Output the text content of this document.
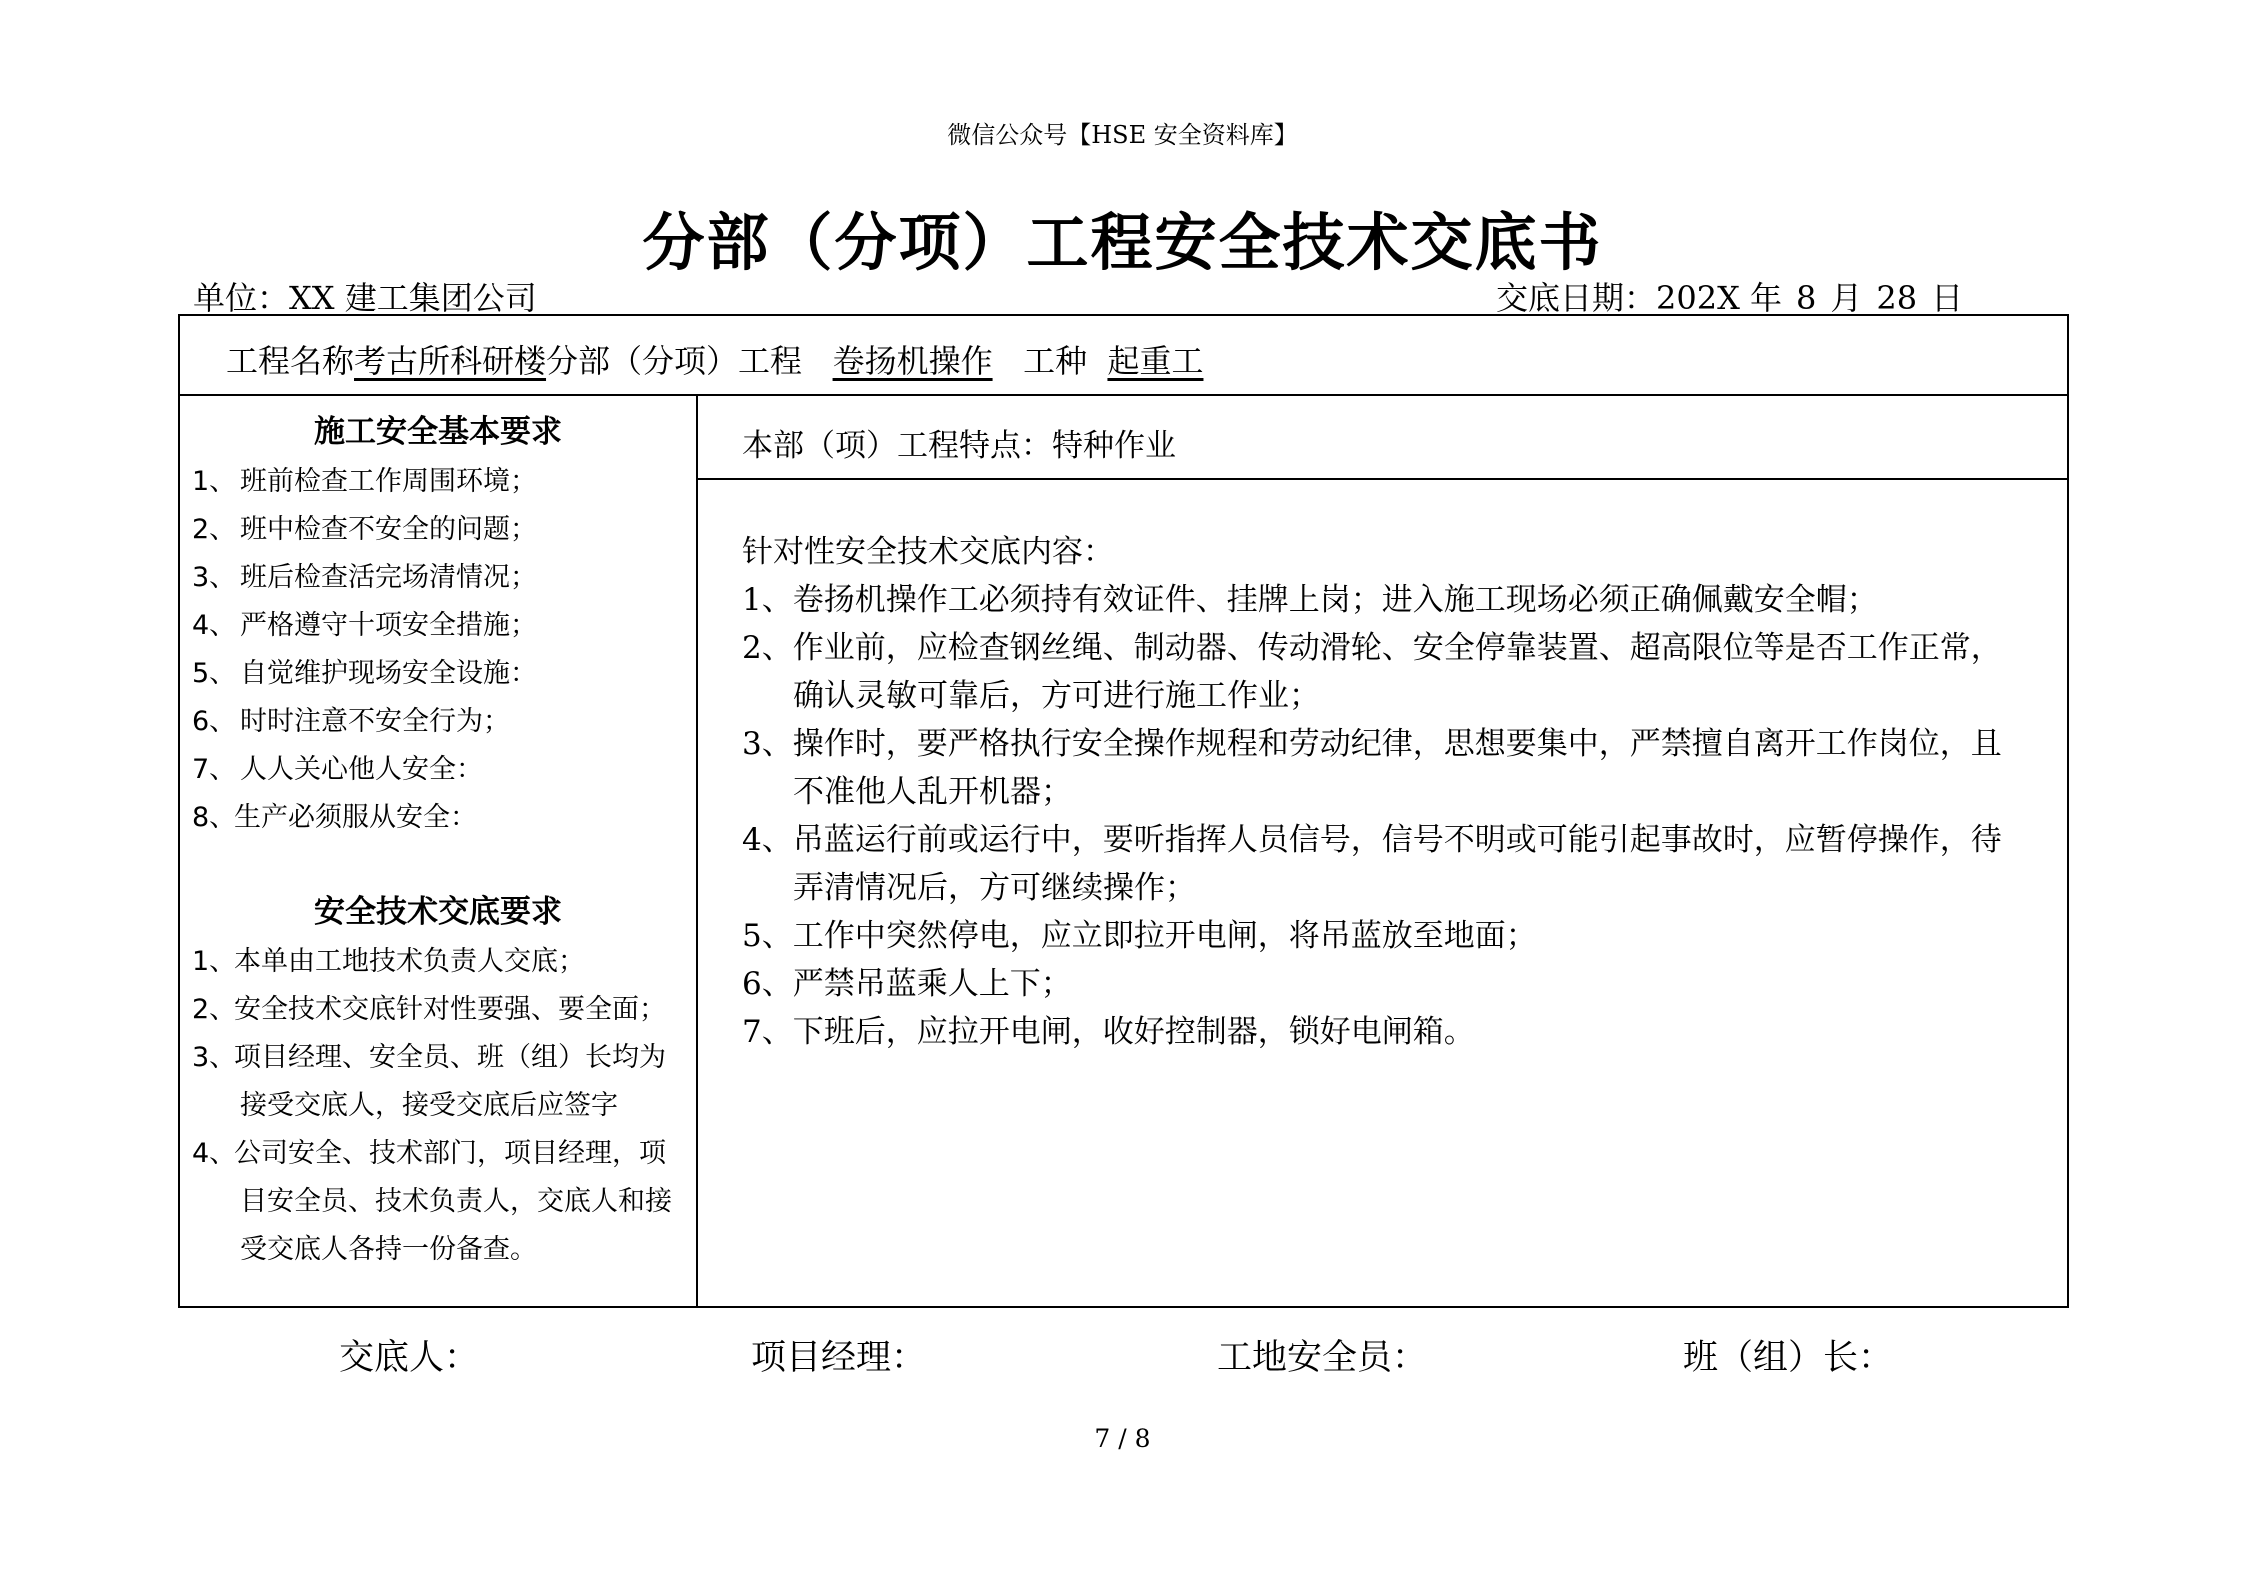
微信公众号【HSE 安全资料库】
分部（分项）工程安全技术交底书
单位：XX 建工集团公司	交底日期：202X 年 8 月 28 日
工程名称考古所科研楼分部（分项）工程 卷扬机操作 工种 起重工
施工安全基本要求
1、 班前检查工作周围环境；
2、 班中检查不安全的问题；
3、 班后检查活完场清情况；
4、 严格遵守十项安全措施；
5、 自觉维护现场安全设施：
6、 时时注意不安全行为；
7、 人人关心他人安全：
8、生产必须服从安全：
安全技术交底要求
1、本单由工地技术负责人交底；
2、安全技术交底针对性要强、要全面；
3、项目经理、安全员、班（组）长均为
接受交底人，接受交底后应签字
4、公司安全、技术部门，项目经理，项
目安全员、技术负责人，交底人和接
受交底人各持一份备查。
本部（项）工程特点：特种作业
针对性安全技术交底内容：
1、卷扬机操作工必须持有效证件、挂牌上岗；进入施工现场必须正确佩戴安全帽；
2、作业前，应检查钢丝绳、制动器、传动滑轮、安全停靠装置、超高限位等是否工作正常，
确认灵敏可靠后，方可进行施工作业；
3、操作时，要严格执行安全操作规程和劳动纪律，思想要集中，严禁擅自离开工作岗位，且
不准他人乱开机器；
4、吊蓝运行前或运行中，要听指挥人员信号，信号不明或可能引起事故时，应暂停操作，待
弄清情况后，方可继续操作；
5、工作中突然停电，应立即拉开电闸，将吊蓝放至地面；
6、严禁吊蓝乘人上下；
7、下班后，应拉开电闸，收好控制器，锁好电闸箱。
交底人：	项目经理：	工地安全员：	班（组）长：
7 / 8
